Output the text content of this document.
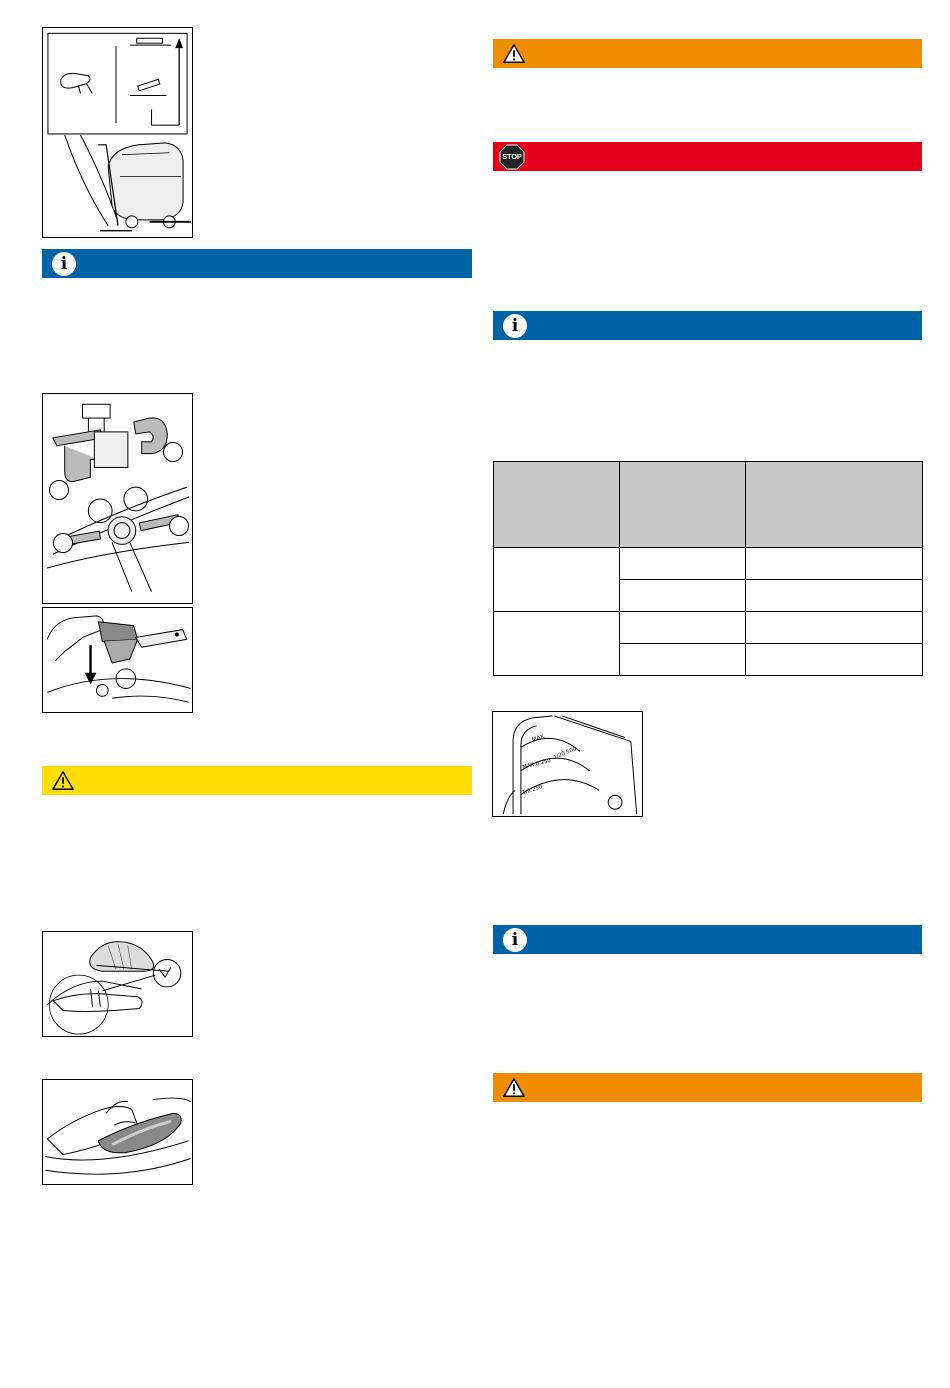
i
STOP
i

MAX.
MAX.0.250
1/20.500
1/2.250
i
